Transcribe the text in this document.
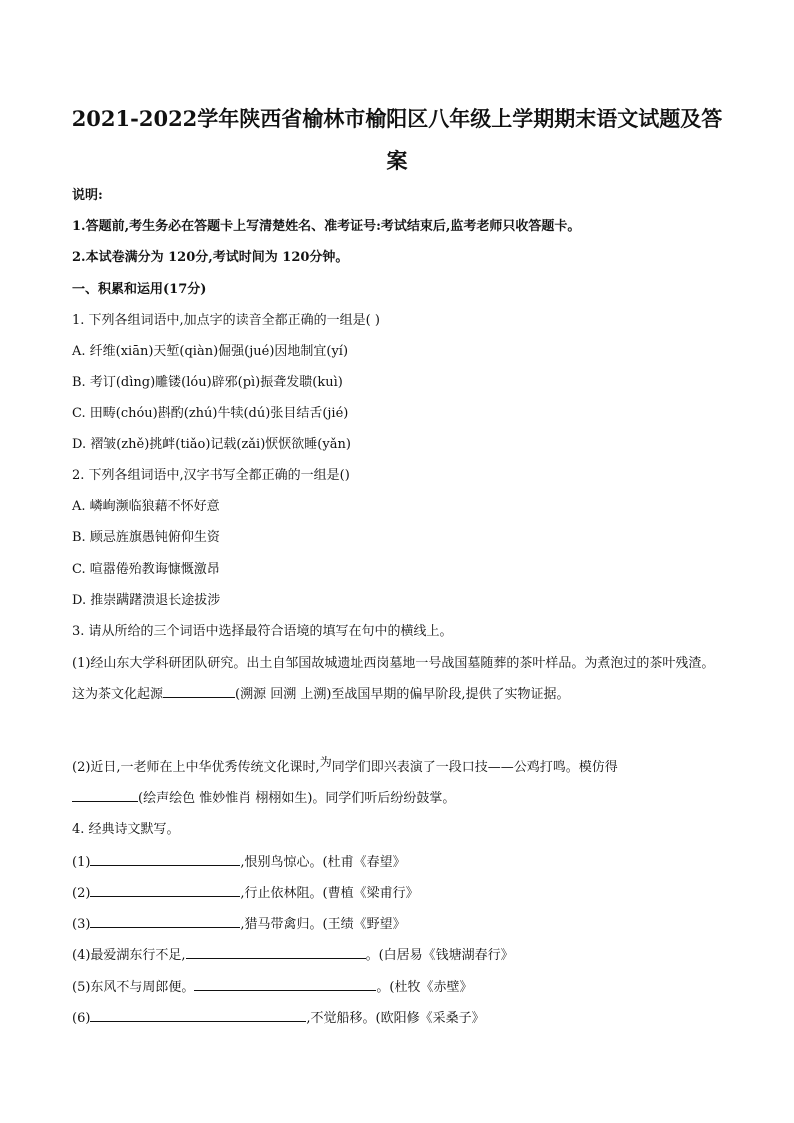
2021-2022学年陕西省榆林市榆阳区八年级上学期期末语文试题及答
案
说明:
1.答题前,考生务必在答题卡上写清楚姓名、准考证号:考试结束后,监考老师只收答题卡。
2.本试卷满分为 120分,考试时间为 120分钟。
一、积累和运用(17分)
1. 下列各组词语中,加点字的读音全都正确的一组是( )
A. 纤维(xiān)天堑(qiàn)倔强(jué)因地制宜(yí)
B. 考订(dìng)雕镂(lóu)辟邪(pì)振聋发聩(kuì)
C. 田畴(chóu)斟酌(zhú)牛犊(dú)张目结舌(jié)
D. 褶皱(zhě)挑衅(tiǎo)记载(zǎi)恹恹欲睡(yǎn)
2. 下列各组词语中,汉字书写全都正确的一组是()
A. 嶙峋濒临狼藉不怀好意
B. 顾忌旌旗愚钝俯仰生资
C. 喧嚣倦殆教诲慷慨激昂
D. 推崇蹒躇溃退长途拔涉
3. 请从所给的三个词语中选择最符合语境的填写在句中的横线上。
(1)经山东大学科研团队研究。出土自邹国故城遗址西岗墓地一号战国墓随葬的茶叶样品。为煮泡过的茶叶残渣。这为茶文化起源	(溯源 回溯 上溯)至战国早期的偏早阶段,提供了实物证据。
(2)近日,一老师在上中华优秀传统文化课时,为同学们即兴表演了一段口技——公鸡打鸣。模仿得
(绘声绘色 惟妙惟肖 栩栩如生)。同学们听后纷纷鼓掌。
4. 经典诗文默写。
(1)	,恨别鸟惊心。(杜甫《春望》
(2)	,行止依林阻。(曹植《梁甫行》
(3)	,猎马带禽归。(王绩《野望》
(4)最爱湖东行不足,	。(白居易《钱塘湖春行》
(5)东风不与周郎便。	。(杜牧《赤壁》
(6)	,不觉船移。(欧阳修《采桑子》
